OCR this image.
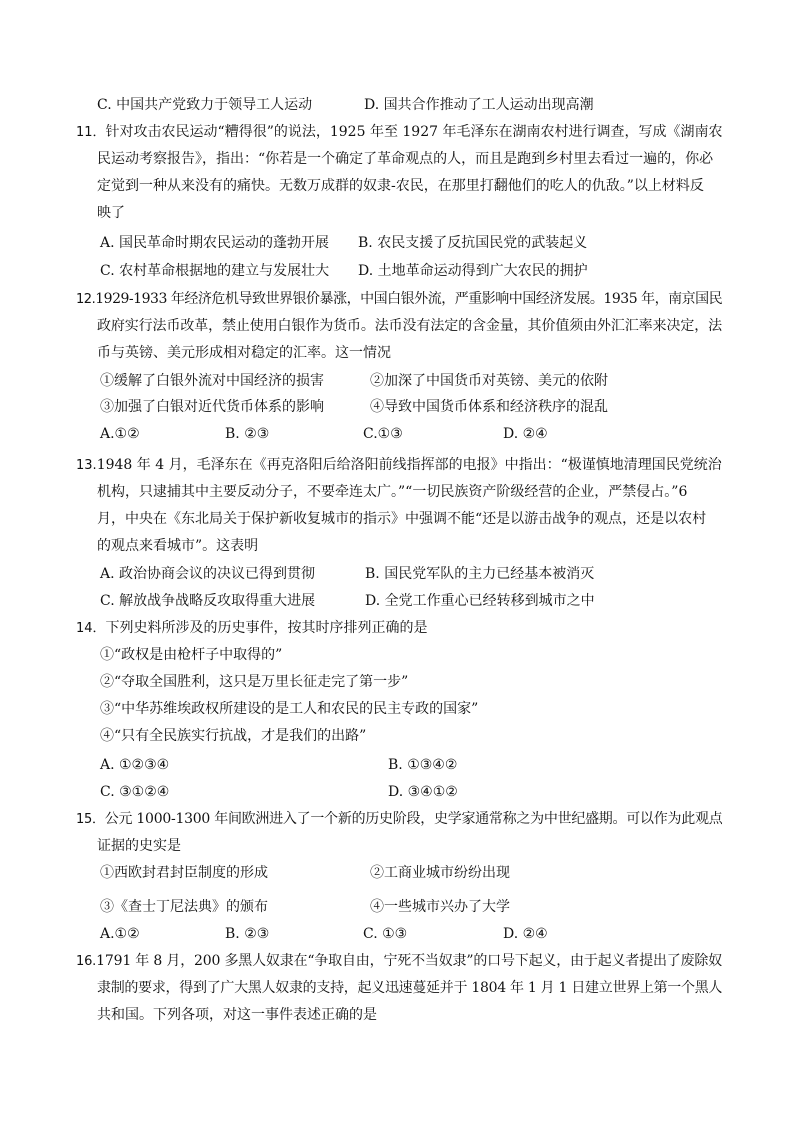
C. 中国共产党致力于领导工人运动	D. 国共合作推动了工人运动出现高潮
11．针对攻击农民运动“糟得很”的说法，1925 年至 1927 年毛泽东在湖南农村进行调查，写成《湖南农
民运动考察报告》，指出：“你若是一个确定了革命观点的人，而且是跑到乡村里去看过一遍的，你必
定觉到一种从来没有的痛快。无数万成群的奴隶-农民，在那里打翻他们的吃人的仇敌。”以上材料反
映了
A. 国民革命时期农民运动的蓬勃开展 B. 农民支援了反抗国民党的武装起义
C. 农村革命根据地的建立与发展壮大 D. 土地革命运动得到广大农民的拥护
12.1929-1933 年经济危机导致世界银价暴涨，中国白银外流，严重影响中国经济发展。1935 年，南京国民
政府实行法币改革，禁止使用白银作为货币。法币没有法定的含金量，其价值须由外汇汇率来决定，法
币与英镑、美元形成相对稳定的汇率。这一情况
①缓解了白银外流对中国经济的损害	②加深了中国货币对英镑、美元的依附
③加强了白银对近代货币体系的影响	④导致中国货币体系和经济秩序的混乱
A.①②	B. ②③	C.①③	D. ②④
13.1948 年 4 月，毛泽东在《再克洛阳后给洛阳前线指挥部的电报》中指出：“极谨慎地清理国民党统治
机构，只逮捕其中主要反动分子，不要牵连太广。”“一切民族资产阶级经营的企业，严禁侵占。”6
月，中央在《东北局关于保护新收复城市的指示》中强调不能“还是以游击战争的观点，还是以农村
的观点来看城市”。这表明
A. 政治协商会议的决议已得到贯彻	B. 国民党军队的主力已经基本被消灭
C. 解放战争战略反攻取得重大进展	D. 全党工作重心已经转移到城市之中
14．下列史料所涉及的历史事件，按其时序排列正确的是
①“政权是由枪杆子中取得的”
②“夺取全国胜利，这只是万里长征走完了第一步”
③“中华苏维埃政权所建设的是工人和农民的民主专政的国家”
④“只有全民族实行抗战，才是我们的出路”
A. ①②③④	B. ①③④②
C. ③①②④	D. ③④①②
15．公元 1000-1300 年间欧洲进入了一个新的历史阶段，史学家通常称之为中世纪盛期。可以作为此观点
证据的史实是
①西欧封君封臣制度的形成	②工商业城市纷纷出现
③《查士丁尼法典》的颁布	④一些城市兴办了大学
A.①②	B. ②③	C. ①③	D. ②④
16.1791 年 8 月，200 多黑人奴隶在“争取自由，宁死不当奴隶”的口号下起义，由于起义者提出了废除奴
隶制的要求，得到了广大黑人奴隶的支持，起义迅速蔓延并于 1804 年 1 月 1 日建立世界上第一个黑人
共和国。下列各项，对这一事件表述正确的是
